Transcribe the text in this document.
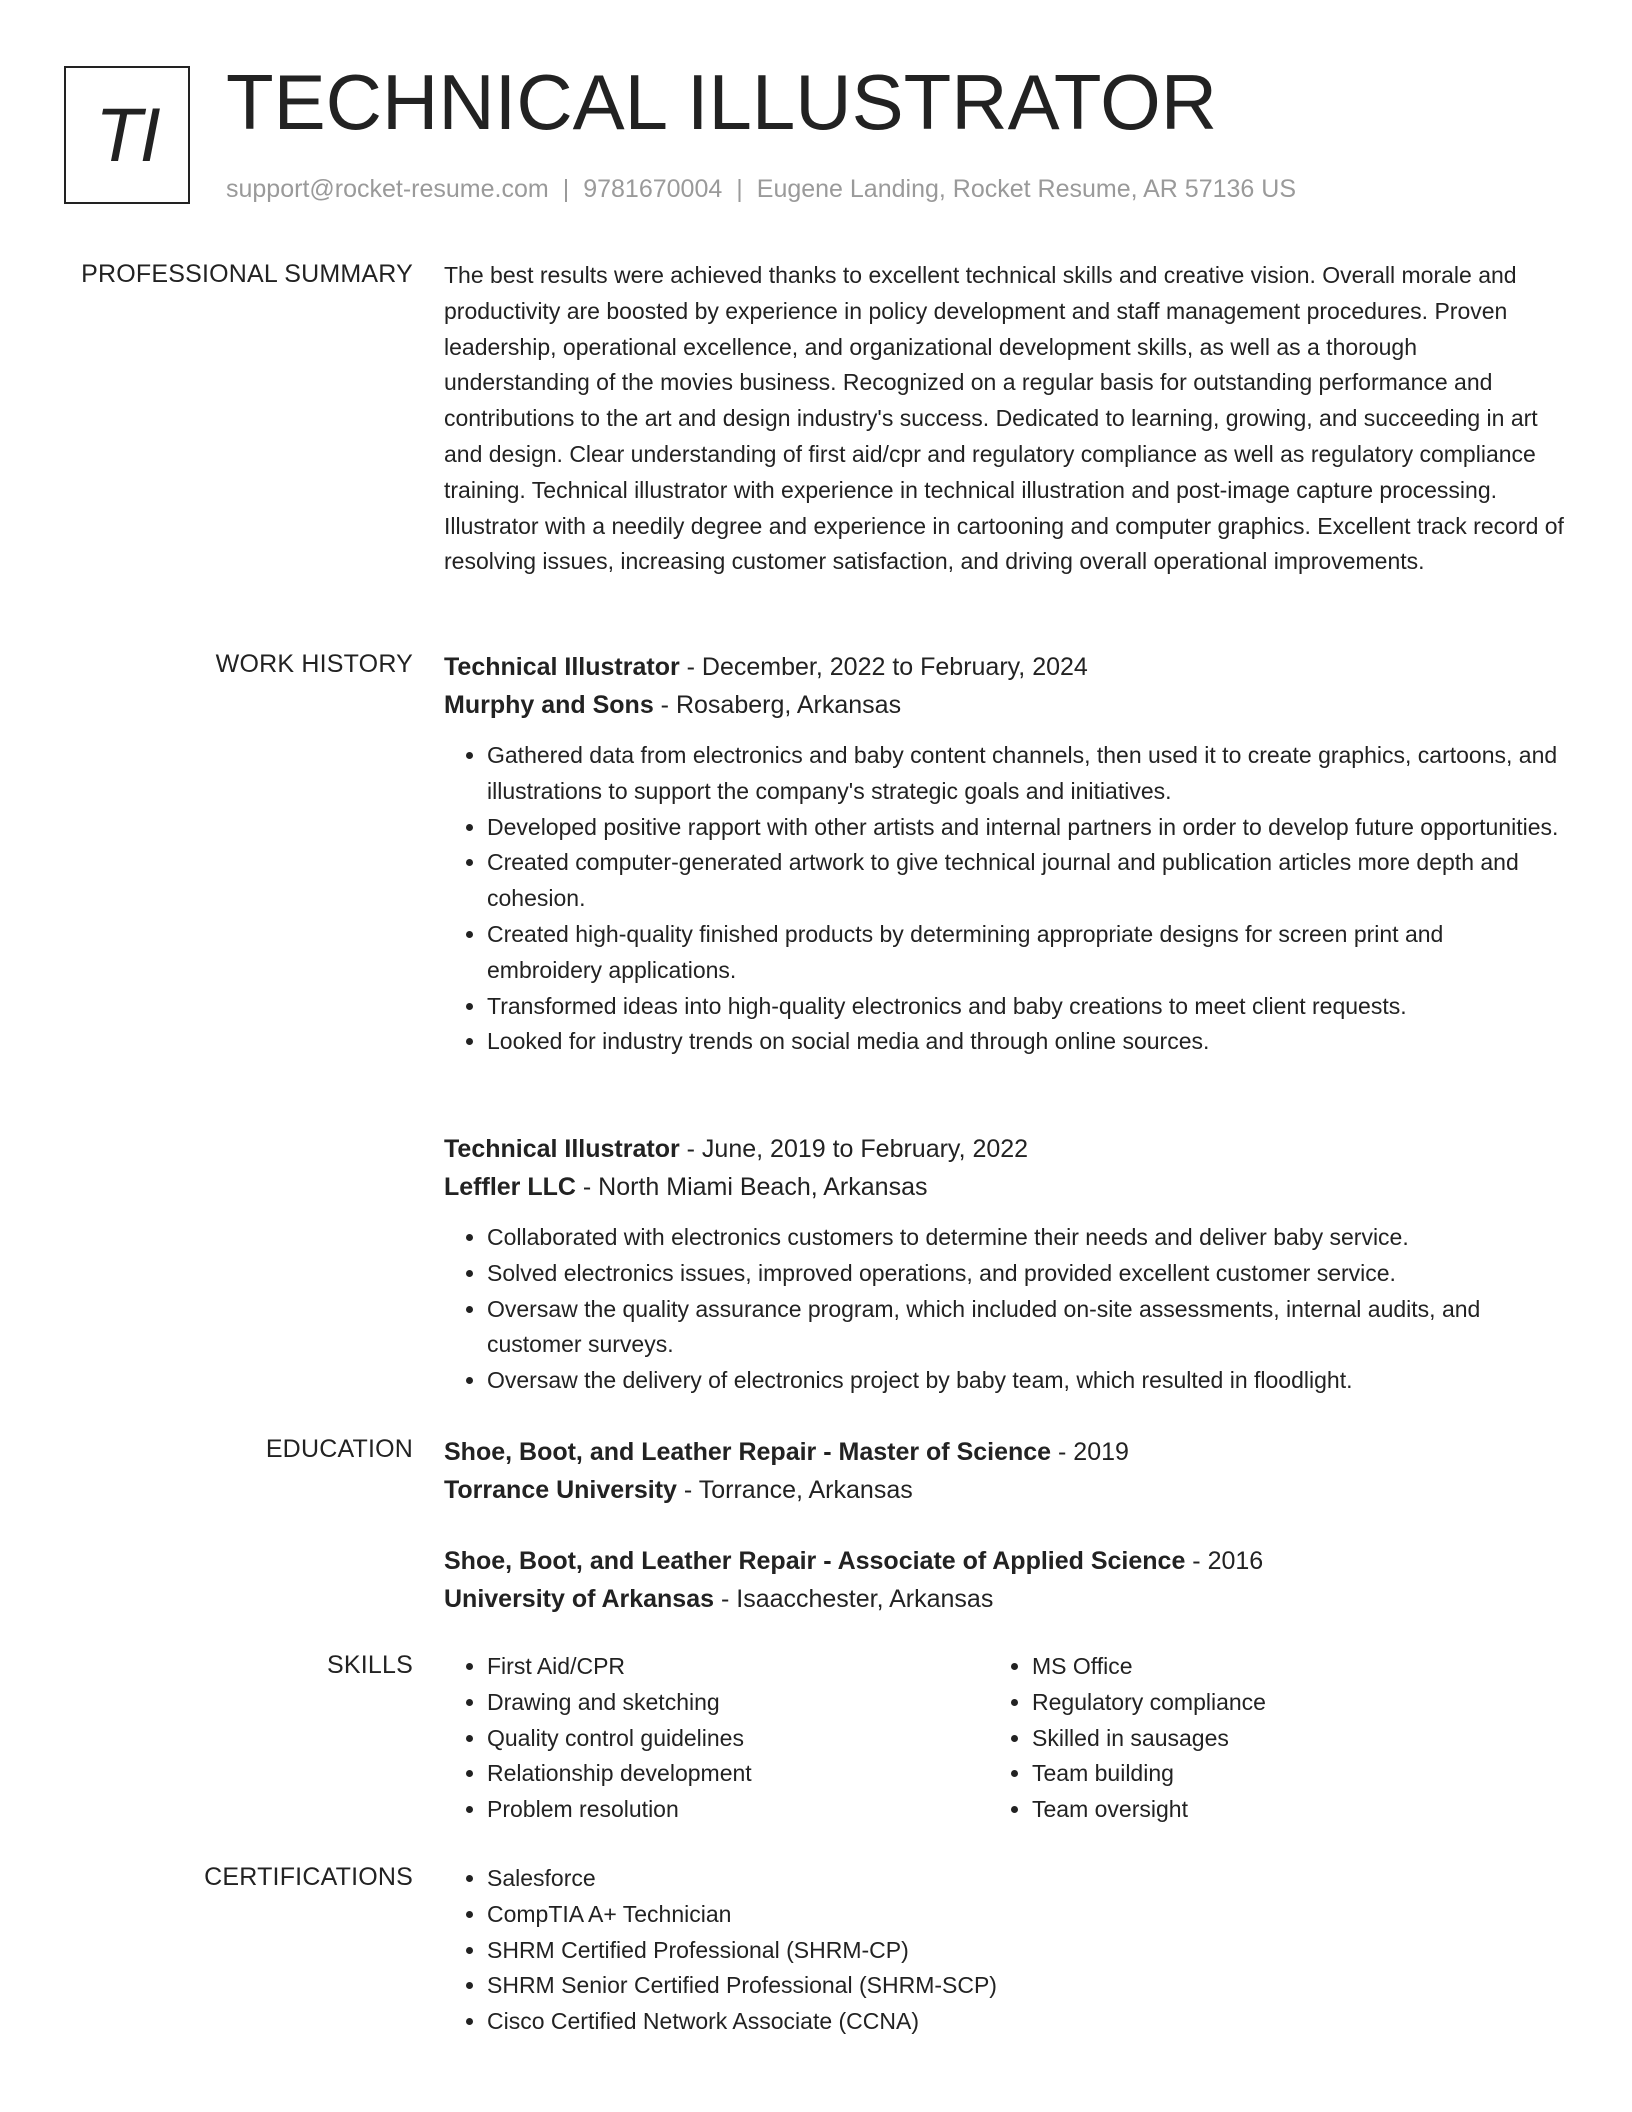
TI TECHNICAL ILLUSTRATOR
support@rocket-resume.com | 9781670004 | Eugene Landing, Rocket Resume, AR 57136 US
PROFESSIONAL SUMMARY The best results were achieved thanks to excellent technical skills and creative vision. Overall morale and productivity are boosted by experience in policy development and staff management procedures. Proven leadership, operational excellence, and organizational development skills, as well as a thorough understanding of the movies business. Recognized on a regular basis for outstanding performance and contributions to the art and design industry's success. Dedicated to learning, growing, and succeeding in art and design. Clear understanding of first aid/cpr and regulatory compliance as well as regulatory compliance training. Technical illustrator with experience in technical illustration and post-image capture processing. Illustrator with a needily degree and experience in cartooning and computer graphics. Excellent track record of resolving issues, increasing customer satisfaction, and driving overall operational improvements.

WORK HISTORY Technical Illustrator - December, 2022 to February, 2024
Murphy and Sons - Rosaberg, Arkansas
• Gathered data from electronics and baby content channels, then used it to create graphics, cartoons, and illustrations to support the company's strategic goals and initiatives.
• Developed positive rapport with other artists and internal partners in order to develop future opportunities.
• Created computer-generated artwork to give technical journal and publication articles more depth and cohesion.
• Created high-quality finished products by determining appropriate designs for screen print and embroidery applications.
• Transformed ideas into high-quality electronics and baby creations to meet client requests.
• Looked for industry trends on social media and through online sources.
Technical Illustrator - June, 2019 to February, 2022
Leffler LLC - North Miami Beach, Arkansas
• Collaborated with electronics customers to determine their needs and deliver baby service.
• Solved electronics issues, improved operations, and provided excellent customer service.
• Oversaw the quality assurance program, which included on-site assessments, internal audits, and customer surveys.
• Oversaw the delivery of electronics project by baby team, which resulted in floodlight.
EDUCATION Shoe, Boot, and Leather Repair - Master of Science - 2019
Torrance University - Torrance, Arkansas
Shoe, Boot, and Leather Repair - Associate of Applied Science - 2016
University of Arkansas - Isaacchester, Arkansas
SKILLS	• First Aid/CPR
• Drawing and sketching
• Quality control guidelines
• Relationship development
• Problem resolution
• MS Office
• Regulatory compliance
• Skilled in sausages
• Team building
• Team oversight
CERTIFICATIONS	• Salesforce
• CompTIA A+ Technician
• SHRM Certified Professional (SHRM-CP)
• SHRM Senior Certified Professional (SHRM-SCP)
• Cisco Certified Network Associate (CCNA)
